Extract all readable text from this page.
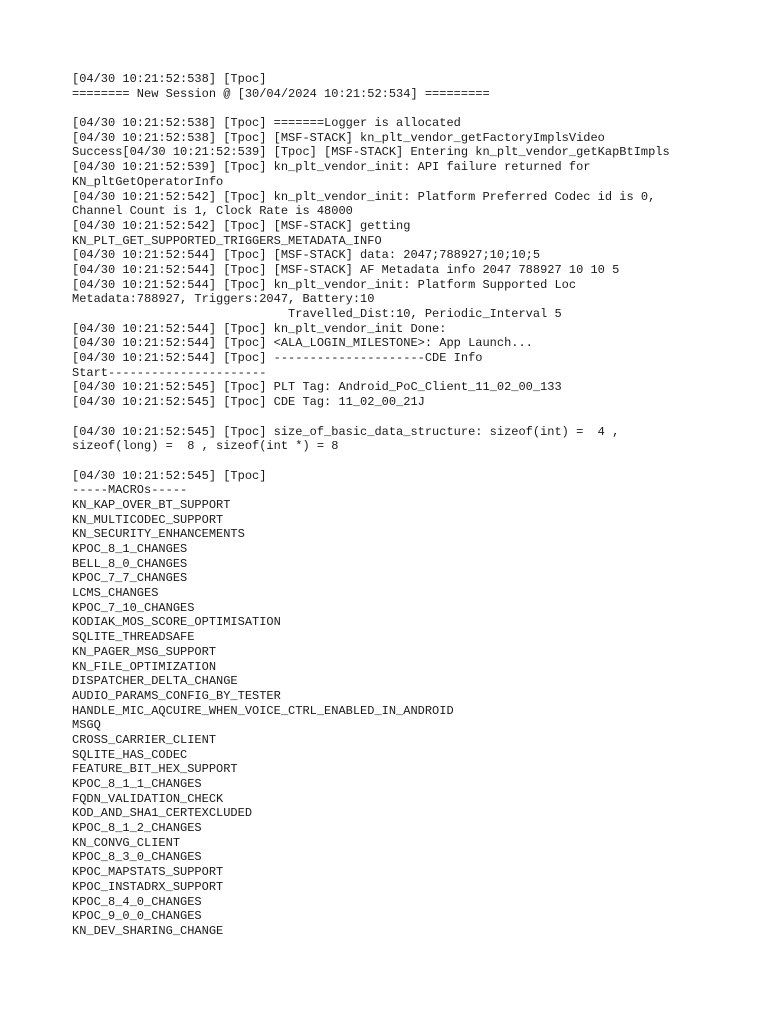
[04/30 10:21:52:538] [Tpoc]
======== New Session @ [30/04/2024 10:21:52:534] =========
[04/30 10:21:52:538] [Tpoc] =======Logger is allocated
[04/30 10:21:52:538] [Tpoc] [MSF-STACK] kn_plt_vendor_getFactoryImplsVideo
Success[04/30 10:21:52:539] [Tpoc] [MSF-STACK] Entering kn_plt_vendor_getKapBtImpls
[04/30 10:21:52:539] [Tpoc] kn_plt_vendor_init: API failure returned for
KN_pltGetOperatorInfo
[04/30 10:21:52:542] [Tpoc] kn_plt_vendor_init: Platform Preferred Codec id is 0,
Channel Count is 1, Clock Rate is 48000
[04/30 10:21:52:542] [Tpoc] [MSF-STACK] getting
KN_PLT_GET_SUPPORTED_TRIGGERS_METADATA_INFO
[04/30 10:21:52:544] [Tpoc] [MSF-STACK] data: 2047;788927;10;10;5
[04/30 10:21:52:544] [Tpoc] [MSF-STACK] AF Metadata info 2047 788927 10 10 5
[04/30 10:21:52:544] [Tpoc] kn_plt_vendor_init: Platform Supported Loc
Metadata:788927, Triggers:2047, Battery:10
Travelled_Dist:10, Periodic_Interval 5
[04/30 10:21:52:544] [Tpoc] kn_plt_vendor_init Done:
[04/30 10:21:52:544] [Tpoc] <ALA_LOGIN_MILESTONE>: App Launch...
[04/30 10:21:52:544] [Tpoc] ---------------------CDE Info
Start----------------------
[04/30 10:21:52:545] [Tpoc] PLT Tag: Android_PoC_Client_11_02_00_133
[04/30 10:21:52:545] [Tpoc] CDE Tag: 11_02_00_21J
[04/30 10:21:52:545] [Tpoc] size_of_basic_data_structure: sizeof(int) =  4 ,
sizeof(long) =  8 , sizeof(int *) = 8
[04/30 10:21:52:545] [Tpoc]
-----MACROs-----
KN_KAP_OVER_BT_SUPPORT
KN_MULTICODEC_SUPPORT
KN_SECURITY_ENHANCEMENTS
KPOC_8_1_CHANGES
BELL_8_0_CHANGES
KPOC_7_7_CHANGES
LCMS_CHANGES
KPOC_7_10_CHANGES
KODIAK_MOS_SCORE_OPTIMISATION
SQLITE_THREADSAFE
KN_PAGER_MSG_SUPPORT
KN_FILE_OPTIMIZATION
DISPATCHER_DELTA_CHANGE
AUDIO_PARAMS_CONFIG_BY_TESTER
HANDLE_MIC_AQCUIRE_WHEN_VOICE_CTRL_ENABLED_IN_ANDROID
MSGQ
CROSS_CARRIER_CLIENT
SQLITE_HAS_CODEC
FEATURE_BIT_HEX_SUPPORT
KPOC_8_1_1_CHANGES
FQDN_VALIDATION_CHECK
KOD_AND_SHA1_CERTEXCLUDED
KPOC_8_1_2_CHANGES
KN_CONVG_CLIENT
KPOC_8_3_0_CHANGES
KPOC_MAPSTATS_SUPPORT
KPOC_INSTADRX_SUPPORT
KPOC_8_4_0_CHANGES
KPOC_9_0_0_CHANGES
KN_DEV_SHARING_CHANGE
